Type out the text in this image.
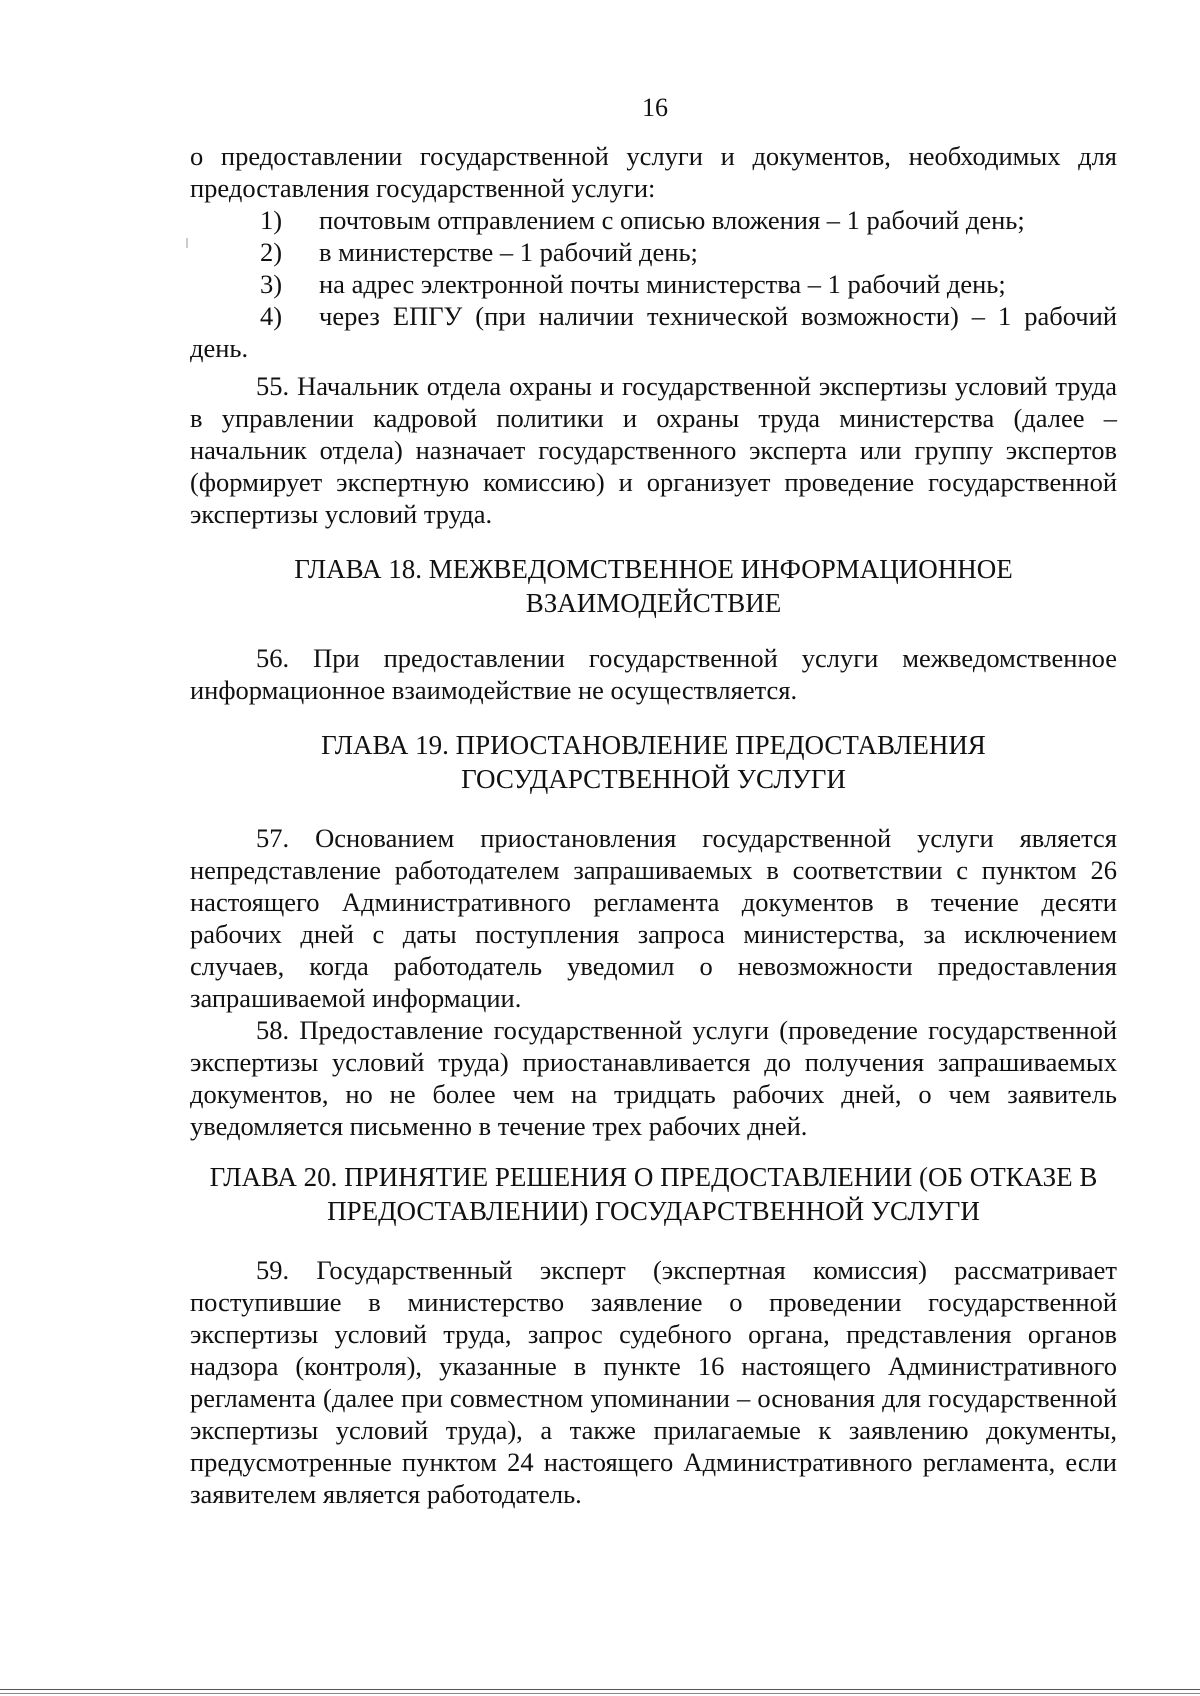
16

о предоставлении государственной услуги и документов, необходимых для предоставления государственной услуги:

1)	почтовым отправлением с описью вложения – 1 рабочий день;
2)	в министерстве – 1 рабочий день;
3)	на адрес электронной почты министерства – 1 рабочий день;
4) через ЕПГУ (при наличии технической возможности) – 1 рабочий день.

55. Начальник отдела охраны и государственной экспертизы условий труда в управлении кадровой политики и охраны труда министерства (далее – начальник отдела) назначает государственного эксперта или группу экспертов (формирует экспертную комиссию) и организует проведение государственной экспертизы условий труда.

ГЛАВА 18. МЕЖВЕДОМСТВЕННОЕ ИНФОРМАЦИОННОЕ
ВЗАИМОДЕЙСТВИЕ

56. При предоставлении государственной услуги межведомственное информационное взаимодействие не осуществляется.

ГЛАВА 19. ПРИОСТАНОВЛЕНИЕ ПРЕДОСТАВЛЕНИЯ
ГОСУДАРСТВЕННОЙ УСЛУГИ

57. Основанием приостановления государственной услуги является непредставление работодателем запрашиваемых в соответствии с пунктом 26 настоящего Административного регламента документов в течение десяти рабочих дней с даты поступления запроса министерства, за исключением случаев, когда работодатель уведомил о невозможности предоставления запрашиваемой информации.

58. Предоставление государственной услуги (проведение государственной экспертизы условий труда) приостанавливается до получения запрашиваемых документов, но не более чем на тридцать рабочих дней, о чем заявитель уведомляется письменно в течение трех рабочих дней.

ГЛАВА 20. ПРИНЯТИЕ РЕШЕНИЯ О ПРЕДОСТАВЛЕНИИ (ОБ ОТКАЗЕ В
ПРЕДОСТАВЛЕНИИ) ГОСУДАРСТВЕННОЙ УСЛУГИ

59. Государственный эксперт (экспертная комиссия) рассматривает поступившие в министерство заявление о проведении государственной экспертизы условий труда, запрос судебного органа, представления органов надзора (контроля), указанные в пункте 16 настоящего Административного регламента (далее при совместном упоминании – основания для государственной экспертизы условий труда), а также прилагаемые к заявлению документы, предусмотренные пунктом 24 настоящего Административного регламента, если заявителем является работодатель.
